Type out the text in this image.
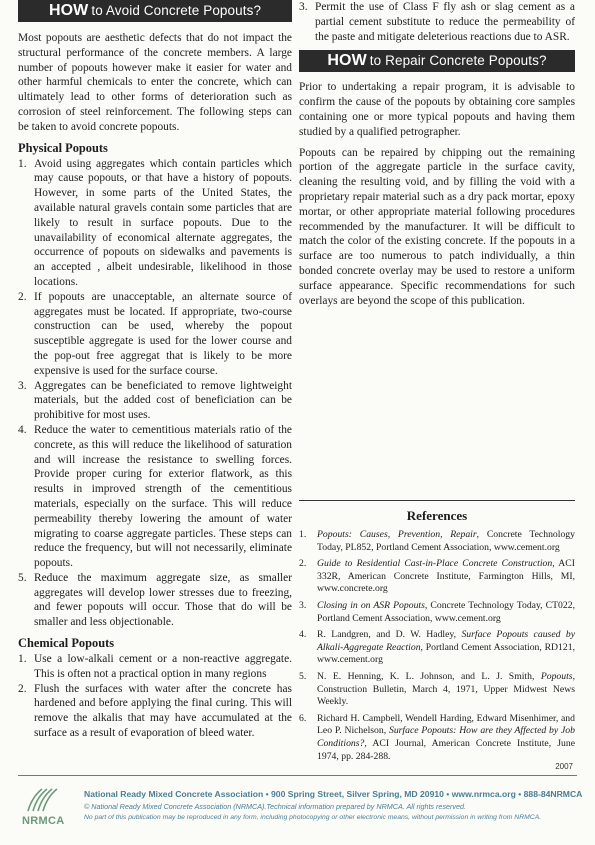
HOW to Avoid Concrete Popouts?

Most popouts are aesthetic defects that do not impact the structural performance of the concrete members. A large number of popouts however make it easier for water and other harmful chemicals to enter the concrete, which can ultimately lead to other forms of deterioration such as corrosion of steel reinforcement. The following steps can be taken to avoid concrete popouts.

Physical Popouts
1. Avoid using aggregates which contain particles which may cause popouts, or that have a history of popouts. However, in some parts of the United States, the available natural gravels contain some particles that are likely to result in surface popouts. Due to the unavailability of economical alternate aggregates, the occurrence of popouts on sidewalks and pavements is an accepted , albeit undesirable, likelihood in those locations.
2. If popouts are unacceptable, an alternate source of aggregates must be located. If appropriate, two-course construction can be used, whereby the popout susceptible aggregate is used for the lower course and the pop-out free aggregat that is likely to be more expensive is used for the surface course.
3. Aggregates can be beneficiated to remove lightweight materials, but the added cost of beneficiation can be prohibitive for most uses.
4. Reduce the water to cementitious materials ratio of the concrete, as this will reduce the likelihood of saturation and will increase the resistance to swelling forces. Provide proper curing for exterior flatwork, as this results in improved strength of the cementitious materials, especially on the surface. This will reduce permeability thereby lowering the amount of water migrating to coarse aggregate particles. These steps can reduce the frequency, but will not necessarily, eliminate popouts.
5. Reduce the maximum aggregate size, as smaller aggregates will develop lower stresses due to freezing, and fewer popouts will occur. Those that do will be smaller and less objectionable.
Chemical Popouts
1. Use a low-alkali cement or a non-reactive aggregate. This is often not a practical option in many regions
2. Flush the surfaces with water after the concrete has hardened and before applying the final curing. This will remove the alkalis that may have accumulated at the surface as a result of evaporation of bleed water.
3. Permit the use of Class F fly ash or slag cement as a partial cement substitute to reduce the permeability of the paste and mitigate deleterious reactions due to ASR.
HOW to Repair Concrete Popouts?

Prior to undertaking a repair program, it is advisable to confirm the cause of the popouts by obtaining core samples containing one or more typical popouts and having them studied by a qualified petrographer.

Popouts can be repaired by chipping out the remaining portion of the aggregate particle in the surface cavity, cleaning the resulting void, and by filling the void with a proprietary repair material such as a dry pack mortar, epoxy mortar, or other appropriate material following procedures recommended by the manufacturer. It will be difficult to match the color of the existing concrete. If the popouts in a surface are too numerous to patch individually, a thin bonded concrete overlay may be used to restore a uniform surface appearance. Specific recommendations for such overlays are beyond the scope of this publication.

References
1. Popouts: Causes, Prevention, Repair, Concrete Technology Today, PL852, Portland Cement Association, www.cement.org
2. Guide to Residential Cast-in-Place Concrete Construction, ACI 332R, American Concrete Institute, Farmington Hills, MI, www.concrete.org
3. Closing in on ASR Popouts, Concrete Technology Today, CT022, Portland Cement Association, www.cement.org
4. R. Landgren, and D. W. Hadley, Surface Popouts caused by Alkali-Aggregate Reaction, Portland Cement Association, RD121, www.cement.org
5. N. E. Henning, K. L. Johnson, and L. J. Smith, Popouts, Construction Bulletin, March 4, 1971, Upper Midwest News Weekly.
6. Richard H. Campbell, Wendell Harding, Edward Misenhimer, and Leo P. Nichelson, Surface Popouts: How are they Affected by Job Conditions?, ACI Journal, American Concrete Institute, June 1974, pp. 284-288.
2007
NRMCA
National Ready Mixed Concrete Association • 900 Spring Street, Silver Spring, MD 20910 • www.nrmca.org • 888-84NRMCA
© National Ready Mixed Concrete Association (NRMCA).Technical information prepared by NRMCA. All rights reserved.
No part of this publication may be reproduced in any form, including photocopying or other electronic means, without permission in writing from NRMCA.
